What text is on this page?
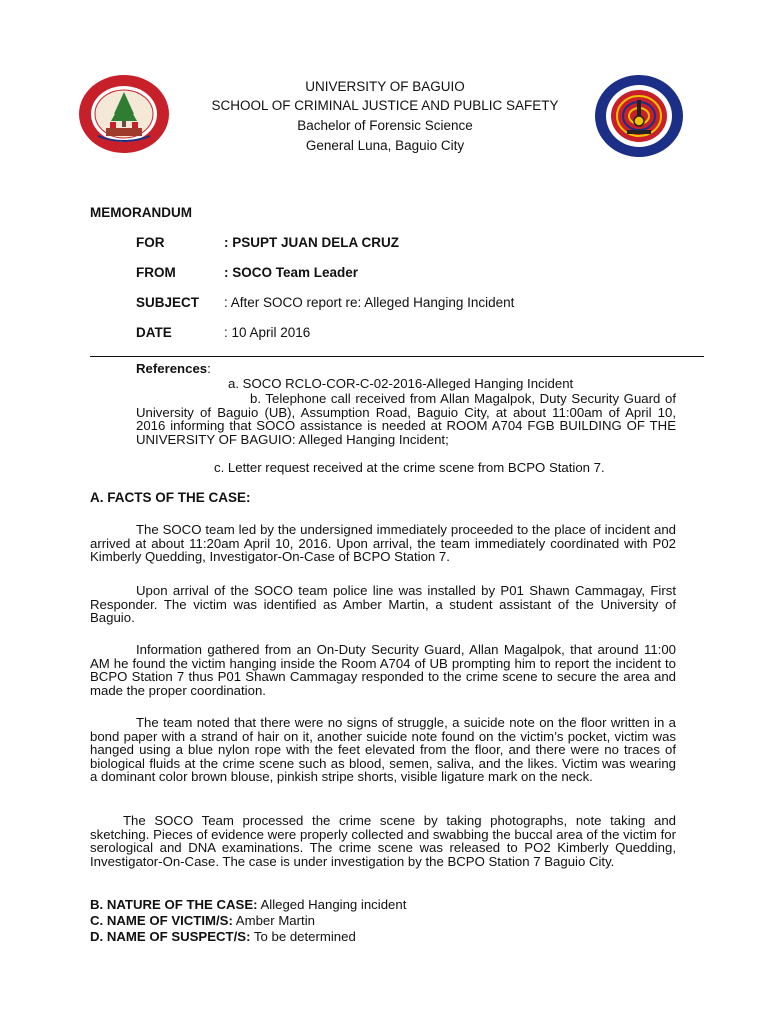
UNIVERSITY OF BAGUIO
SCHOOL OF CRIMINAL JUSTICE AND PUBLIC SAFETY
Bachelor of Forensic Science
General Luna, Baguio City
MEMORANDUM
FOR	: PSUPT JUAN DELA CRUZ
FROM	: SOCO Team Leader
SUBJECT : After SOCO report re: Alleged Hanging Incident
DATE	: 10 April 2016
References:
a. SOCO RCLO-COR-C-02-2016-Alleged Hanging Incident
b. Telephone call received from Allan Magalpok, Duty Security Guard of University of Baguio (UB), Assumption Road, Baguio City, at about 11:00am of April 10, 2016 informing that SOCO assistance is needed at ROOM A704 FGB BUILDING OF THE UNIVERSITY OF BAGUIO: Alleged Hanging Incident;
c. Letter request received at the crime scene from BCPO Station 7.
A. FACTS OF THE CASE:
The SOCO team led by the undersigned immediately proceeded to the place of incident and arrived at about 11:20am April 10, 2016. Upon arrival, the team immediately coordinated with P02 Kimberly Quedding, Investigator-On-Case of BCPO Station 7.
Upon arrival of the SOCO team police line was installed by P01 Shawn Cammagay, First Responder. The victim was identified as Amber Martin, a student assistant of the University of Baguio.
Information gathered from an On-Duty Security Guard, Allan Magalpok, that around 11:00 AM he found the victim hanging inside the Room A704 of UB prompting him to report the incident to BCPO Station 7 thus P01 Shawn Cammagay responded to the crime scene to secure the area and made the proper coordination.
The team noted that there were no signs of struggle, a suicide note on the floor written in a bond paper with a strand of hair on it, another suicide note found on the victim’s pocket, victim was hanged using a blue nylon rope with the feet elevated from the floor, and there were no traces of biological fluids at the crime scene such as blood, semen, saliva, and the likes. Victim was wearing a dominant color brown blouse, pinkish stripe shorts, visible ligature mark on the neck.
The SOCO Team processed the crime scene by taking photographs, note taking and sketching. Pieces of evidence were properly collected and swabbing the buccal area of the victim for serological and DNA examinations. The crime scene was released to PO2 Kimberly Quedding, Investigator-On-Case. The case is under investigation by the BCPO Station 7 Baguio City.
B. NATURE OF THE CASE: Alleged Hanging incident
C. NAME OF VICTIM/S: Amber Martin
D. NAME OF SUSPECT/S: To be determined
